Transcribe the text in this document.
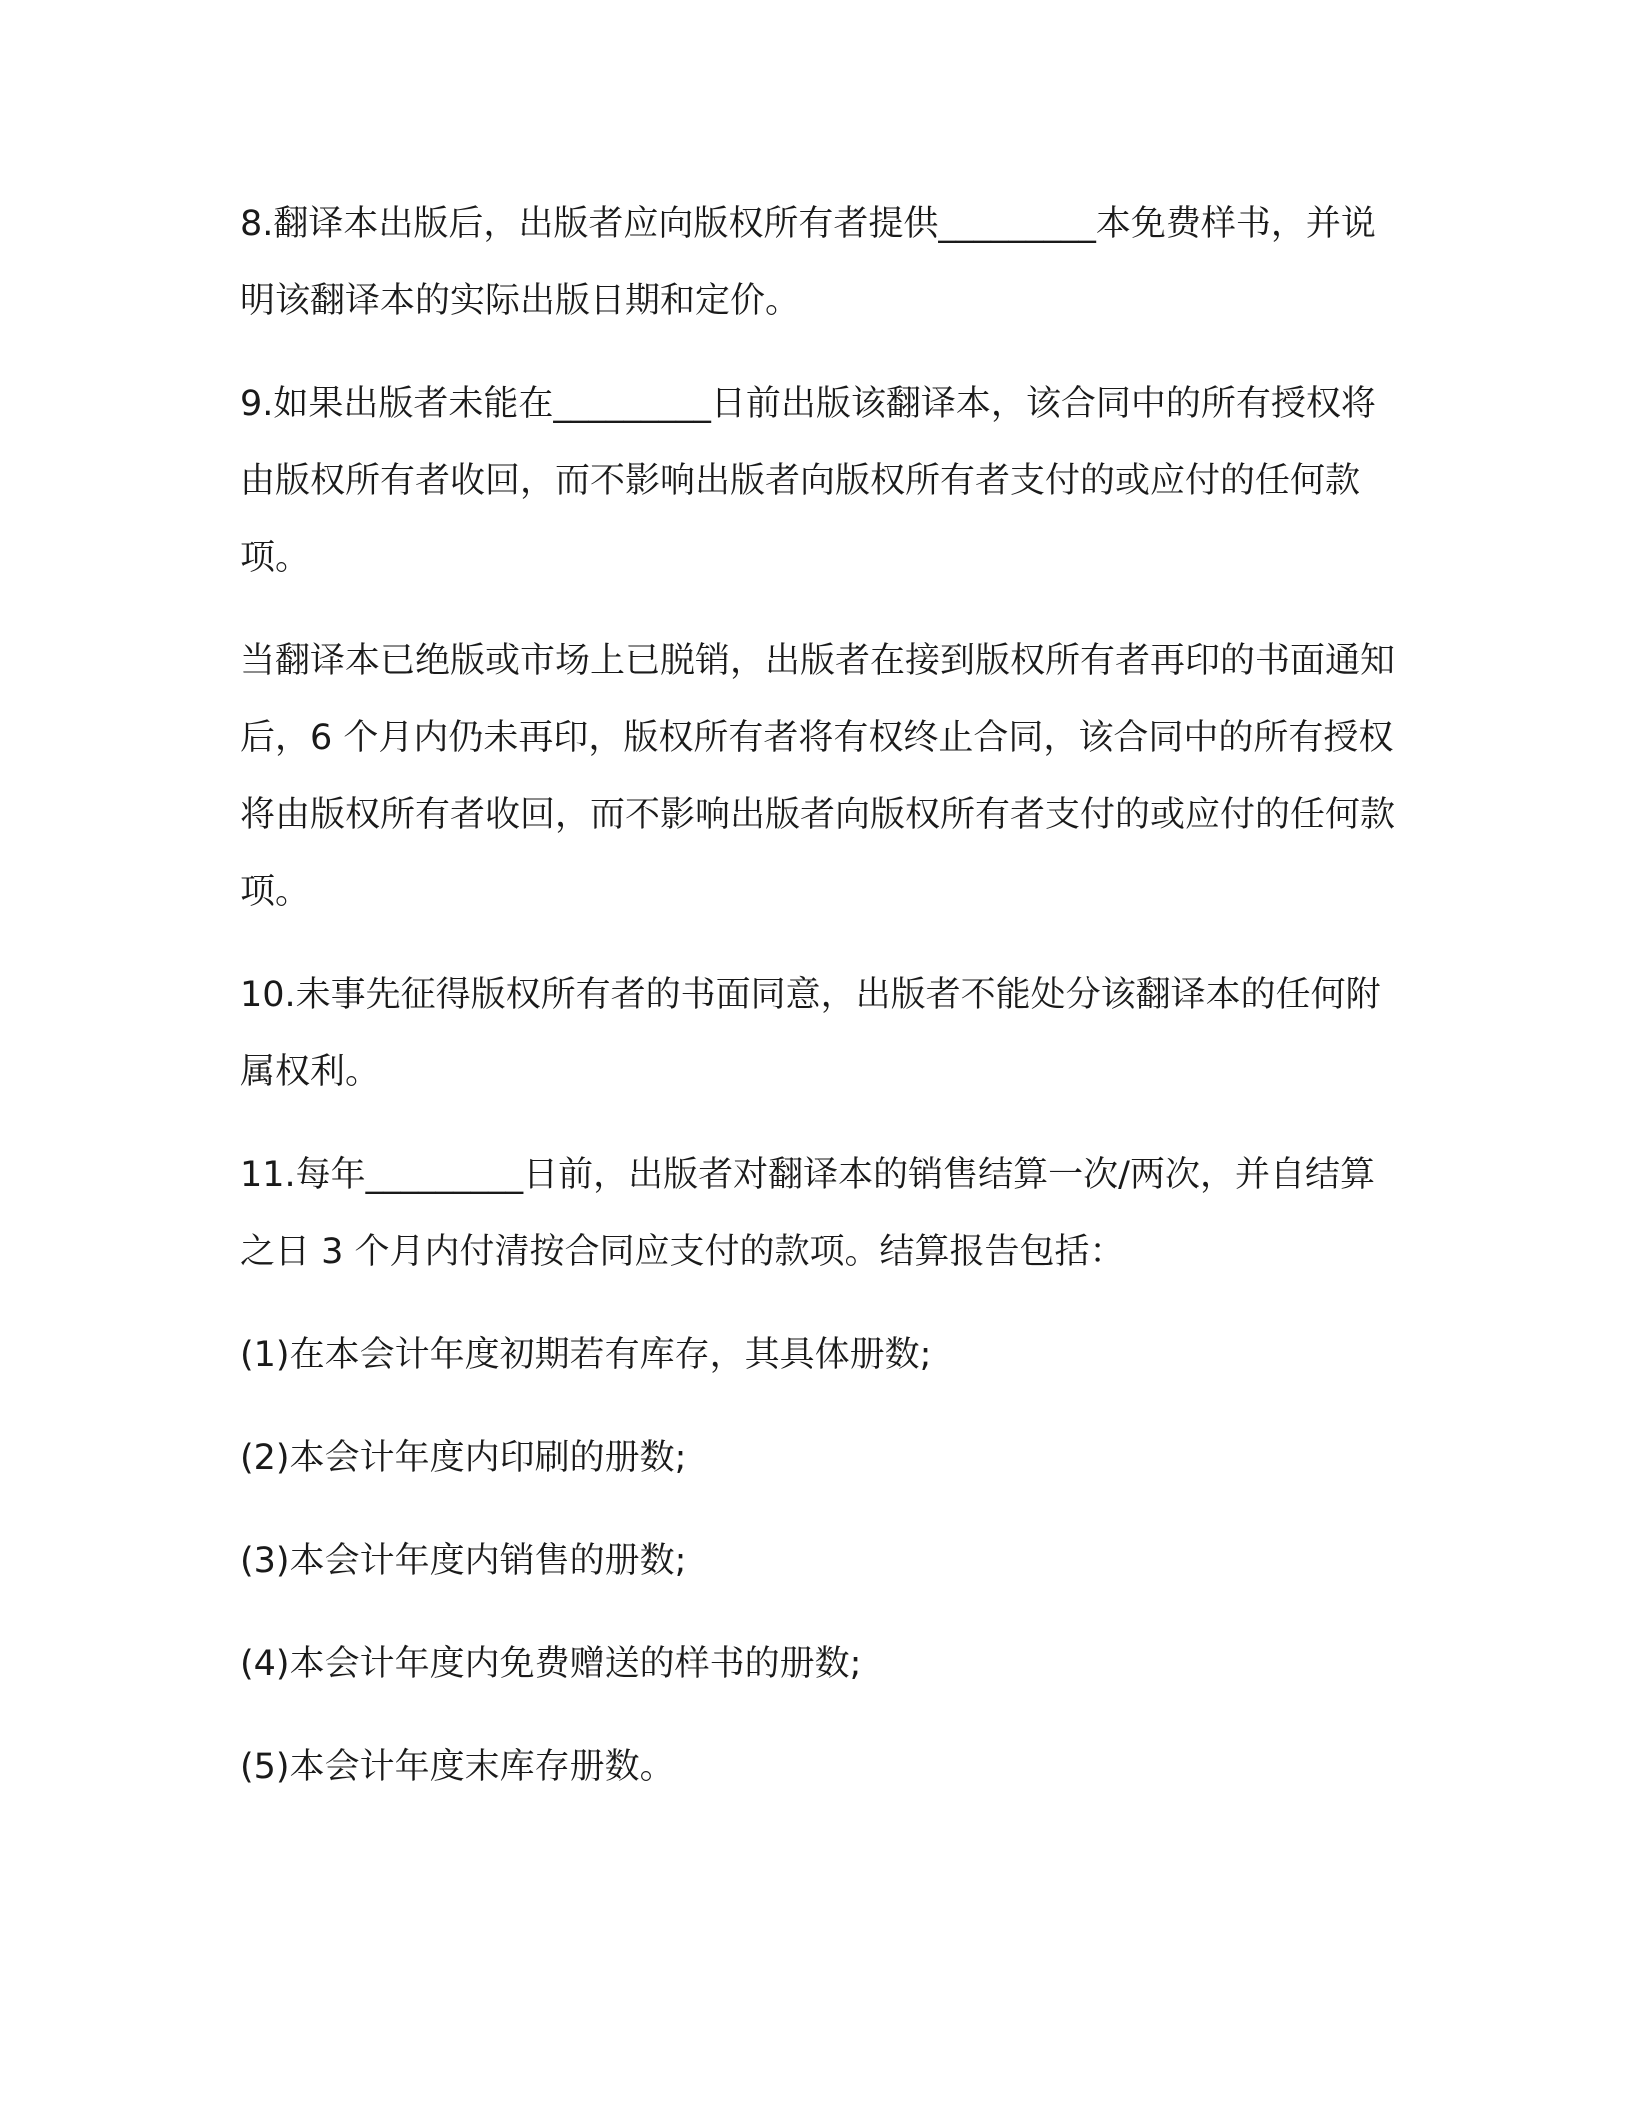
8.翻译本出版后，出版者应向版权所有者提供_________本免费样书，并说明该翻译本的实际出版日期和定价。

9.如果出版者未能在_________日前出版该翻译本，该合同中的所有授权将由版权所有者收回，而不影响出版者向版权所有者支付的或应付的任何款项。

当翻译本已绝版或市场上已脱销，出版者在接到版权所有者再印的书面通知后，6 个月内仍未再印，版权所有者将有权终止合同，该合同中的所有授权将由版权所有者收回，而不影响出版者向版权所有者支付的或应付的任何款项。

10.未事先征得版权所有者的书面同意，出版者不能处分该翻译本的任何附属权利。

11.每年_________日前，出版者对翻译本的销售结算一次/两次，并自结算之日 3 个月内付清按合同应支付的款项。结算报告包括：

(1)在本会计年度初期若有库存，其具体册数;

(2)本会计年度内印刷的册数;

(3)本会计年度内销售的册数;

(4)本会计年度内免费赠送的样书的册数;

(5)本会计年度末库存册数。
